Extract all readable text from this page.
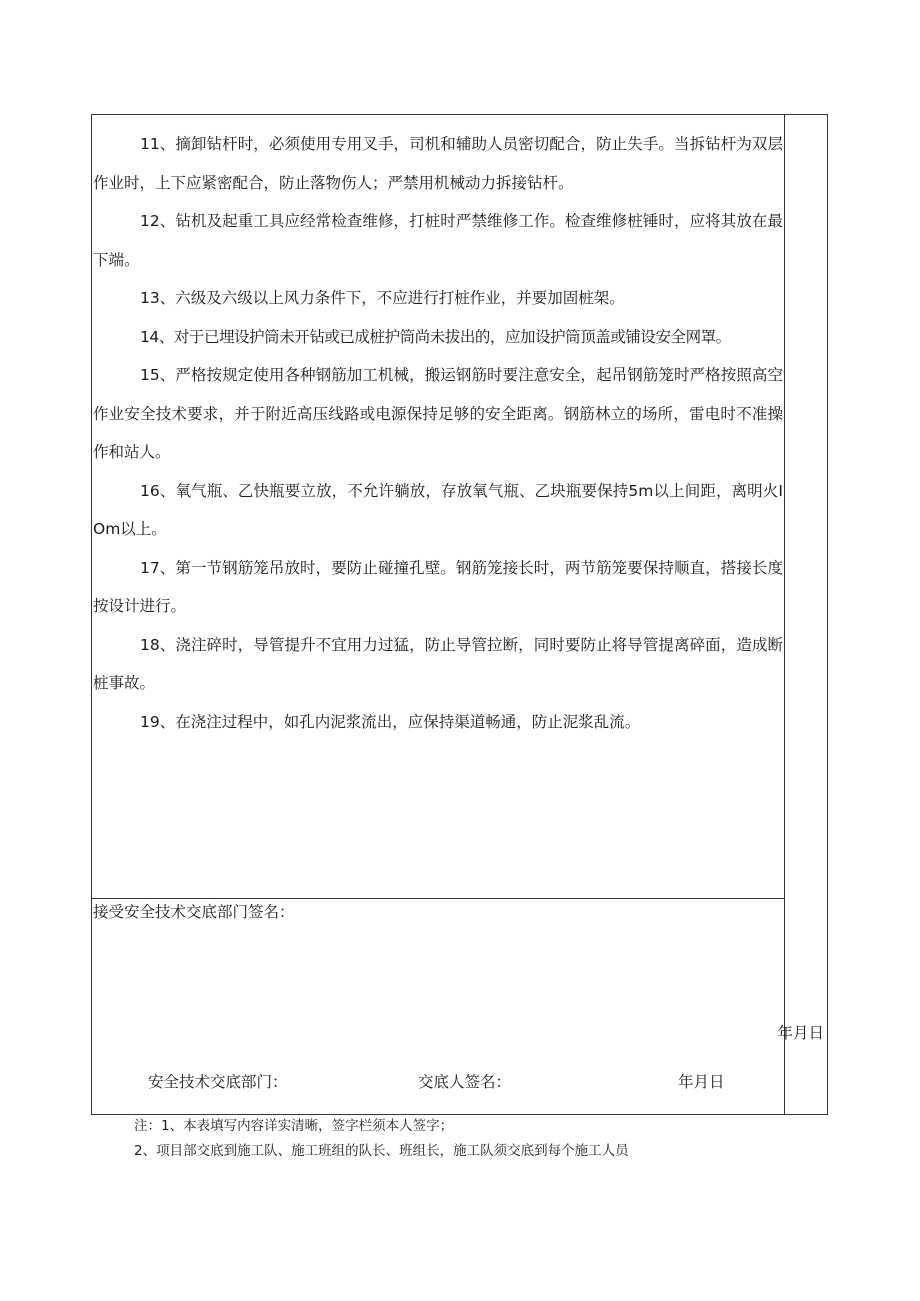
11、摘卸钻杆时，必须使用专用叉手，司机和辅助人员密切配合，防止失手。当拆钻杆为双层作业时，上下应紧密配合，防止落物伤人；严禁用机械动力拆接钻杆。

12、钻机及起重工具应经常检查维修，打桩时严禁维修工作。检查维修桩锤时，应将其放在最下端。

13、六级及六级以上风力条件下，不应进行打桩作业，并要加固桩架。

14、对于已埋设护筒未开钻或已成桩护筒尚未拔出的，应加设护筒顶盖或铺设安全网罩。

15、严格按规定使用各种钢筋加工机械，搬运钢筋时要注意安全，起吊钢筋笼时严格按照高空作业安全技术要求，并于附近高压线路或电源保持足够的安全距离。钢筋林立的场所，雷电时不准操作和站人。

16、氧气瓶、乙快瓶要立放，不允许躺放，存放氧气瓶、乙块瓶要保持5m以上间距，离明火IOm以上。

17、第一节钢筋笼吊放时，要防止碰撞孔壁。钢筋笼接长时，两节筋笼要保持顺直，搭接长度按设计进行。

18、浇注碎时，导管提升不宜用力过猛，防止导管拉断，同时要防止将导管提离碎面，造成断桩事故。

19、在浇注过程中，如孔内泥浆流出，应保持渠道畅通，防止泥浆乱流。

接受安全技术交底部门签名：
年月日
安全技术交底部门：	交底人签名：	年月日
注：1、本表填写内容详实清晰，签字栏须本人签字；
2、项目部交底到施工队、施工班组的队长、班组长，施工队须交底到每个施工人员
